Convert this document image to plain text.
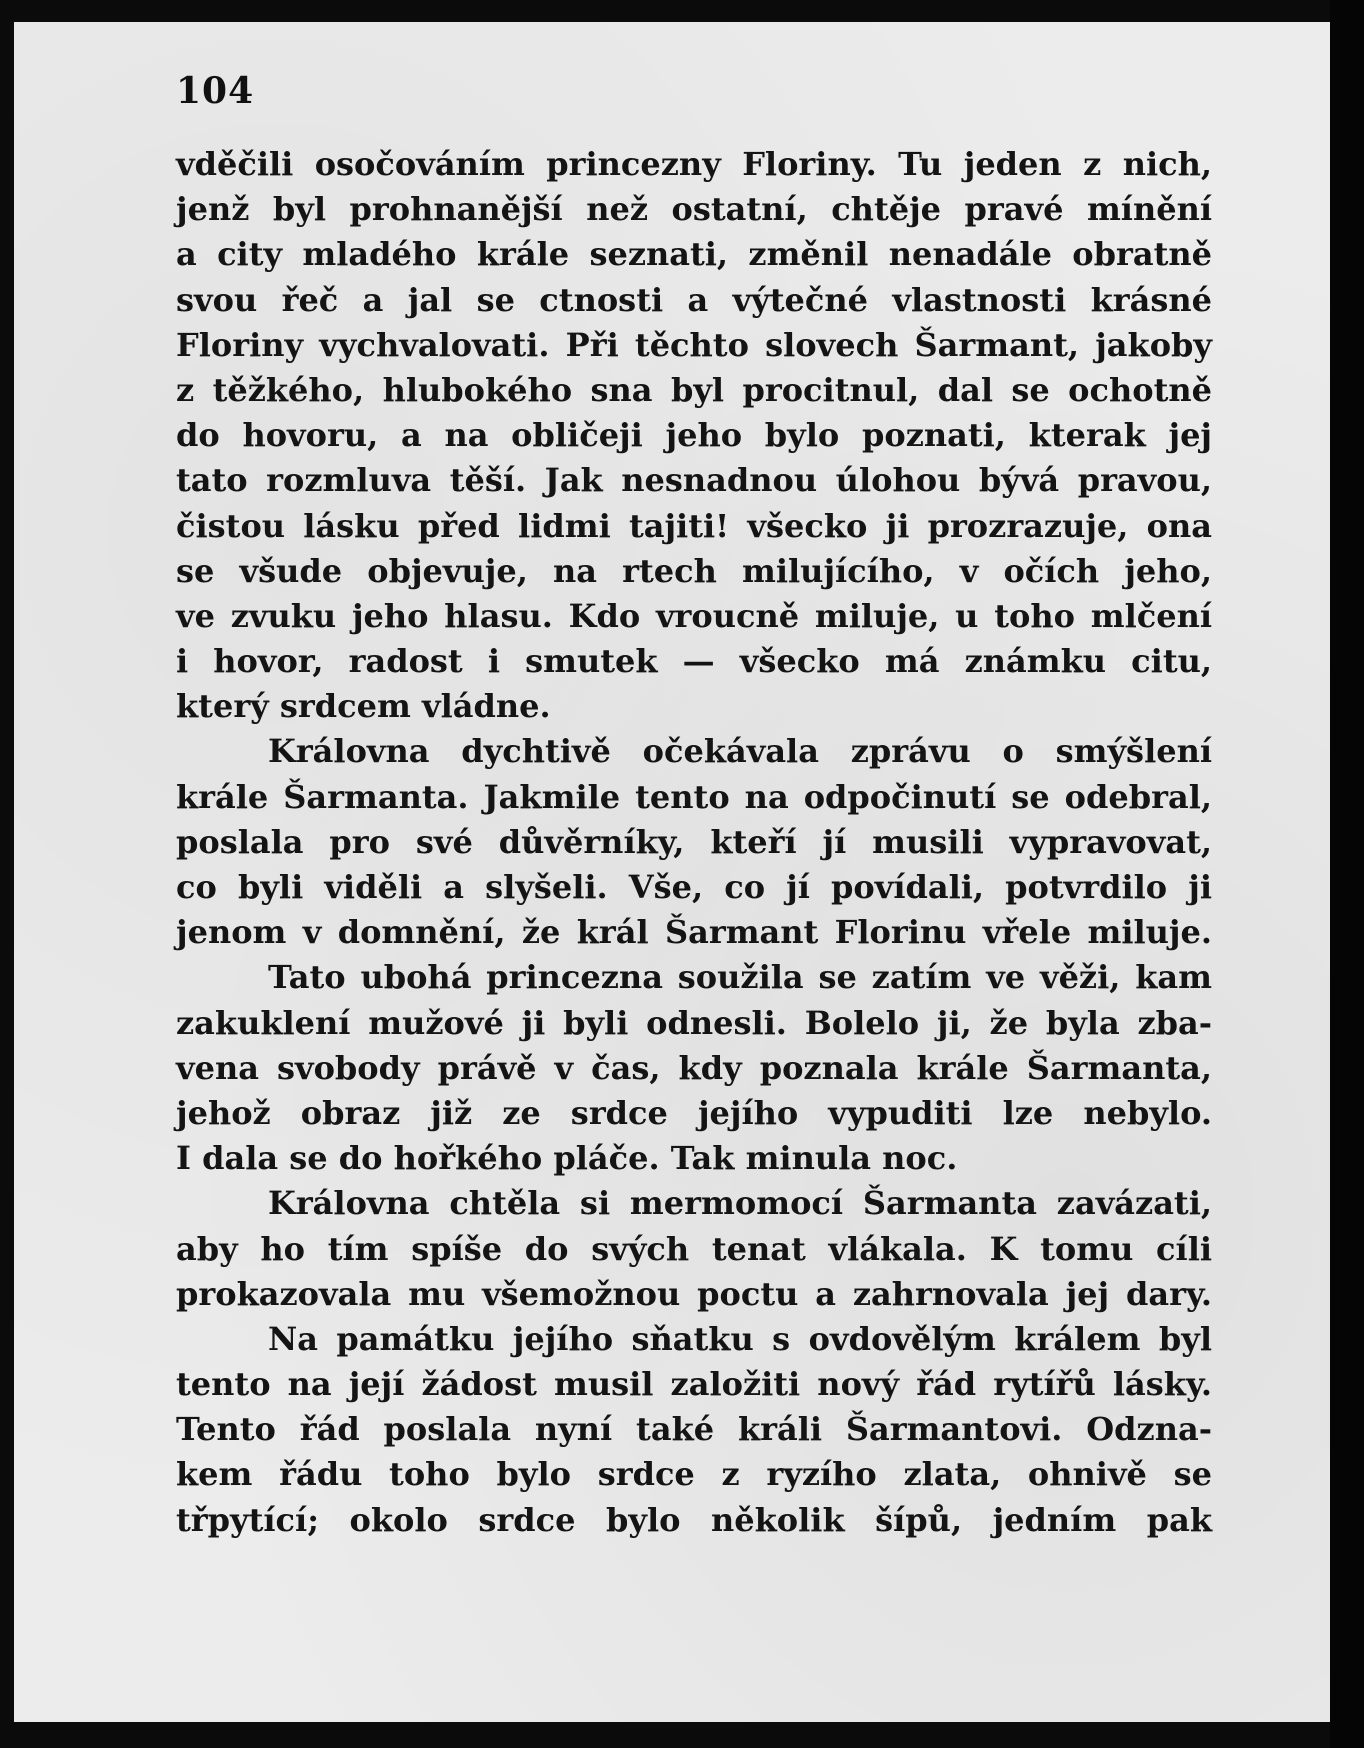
104
vděčili osočováním princezny Floriny. Tu jeden z nich,
jenž byl prohnanější než ostatní, chtěje pravé mínění
a city mladého krále seznati, změnil nenadále obratně
svou řeč a jal se ctnosti a výtečné vlastnosti krásné
Floriny vychvalovati. Při těchto slovech Šarmant, jakoby
z těžkého, hlubokého sna byl procitnul, dal se ochotně
do hovoru, a na obličeji jeho bylo poznati, kterak jej
tato rozmluva těší. Jak nesnadnou úlohou bývá pravou,
čistou lásku před lidmi tajiti! všecko ji prozrazuje, ona
se všude objevuje, na rtech milujícího, v očích jeho,
ve zvuku jeho hlasu. Kdo vroucně miluje, u toho mlčení
i hovor, radost i smutek — všecko má známku citu,
který srdcem vládne.
Královna dychtivě očekávala zprávu o smýšlení
krále Šarmanta. Jakmile tento na odpočinutí se odebral,
poslala pro své důvěrníky, kteří jí musili vypravovat,
co byli viděli a slyšeli. Vše, co jí povídali, potvrdilo ji
jenom v domnění, že král Šarmant Florinu vřele miluje.
Tato ubohá princezna soužila se zatím ve věži, kam
zakuklení mužové ji byli odnesli. Bolelo ji, že byla zba-
vena svobody právě v čas, kdy poznala krále Šarmanta,
jehož obraz již ze srdce jejího vypuditi lze nebylo.
I dala se do hořkého pláče. Tak minula noc.
Královna chtěla si mermomocí Šarmanta zavázati,
aby ho tím spíše do svých tenat vlákala. K tomu cíli
prokazovala mu všemožnou poctu a zahrnovala jej dary.
Na památku jejího sňatku s ovdovělým králem byl
tento na její žádost musil založiti nový řád rytířů lásky.
Tento řád poslala nyní také králi Šarmantovi. Odzna-
kem řádu toho bylo srdce z ryzího zlata, ohnivě se
třpytící; okolo srdce bylo několik šípů, jedním pak
